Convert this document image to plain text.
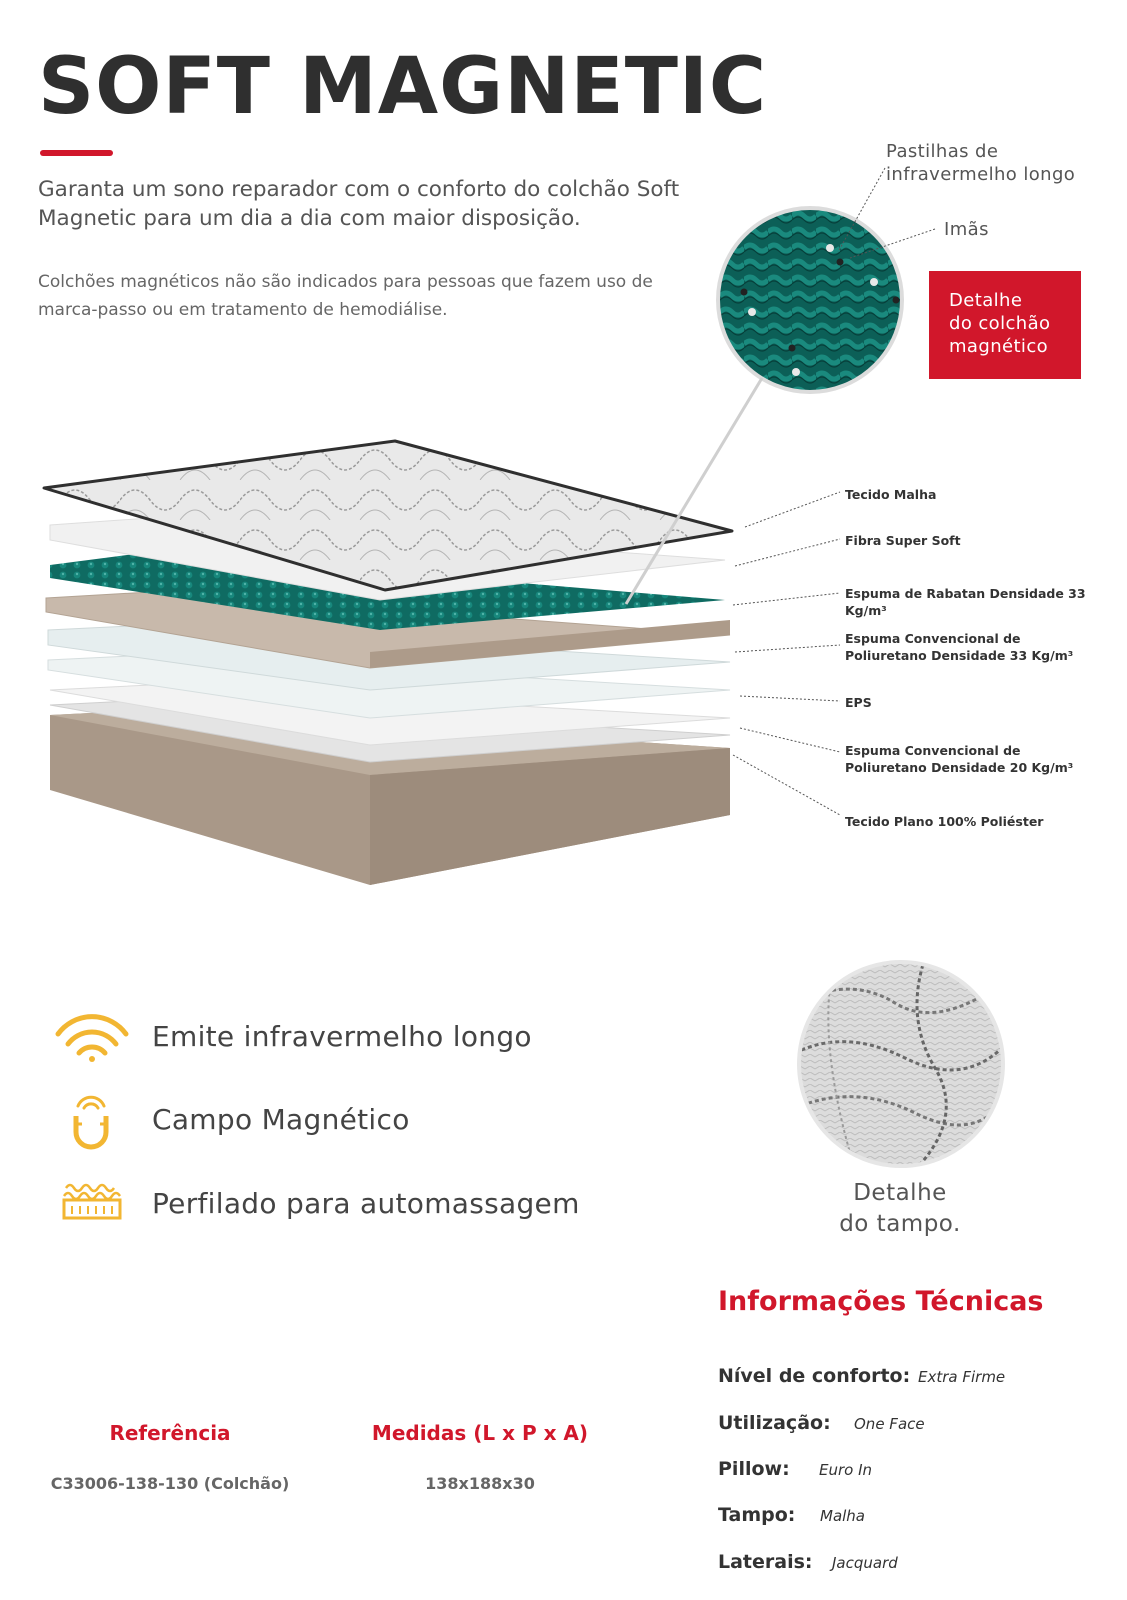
SOFT MAGNETIC

Garanta um sono reparador com o conforto do colchão Soft Magnetic para um dia a dia com maior disposição.

Colchões magnéticos não são indicados para pessoas que fazem uso de marca-passo ou em tratamento de hemodiálise.

Pastilhas de
infravermelho longo
Imãs
Detalhe
do colchão
magnético
Tecido Malha
Fibra Super Soft
Espuma de Rabatan Densidade 33 Kg/m³
Espuma Convencional de
Poliuretano Densidade 33 Kg/m³
EPS
Espuma Convencional de
Poliuretano Densidade 20 Kg/m³
Tecido Plano 100% Poliéster
Emite infravermelho longo
Campo Magnético
Perfilado para automassagem	Detalhe
do tampo.
Informações Técnicas
Nível de conforto: Extra Firme
Utilização: One Face
Pillow: Euro In
Tampo: Malha
Laterais: Jacquard
Referência
C33006-138-130 (Colchão)
Medidas (L x P x A)
138x188x30
